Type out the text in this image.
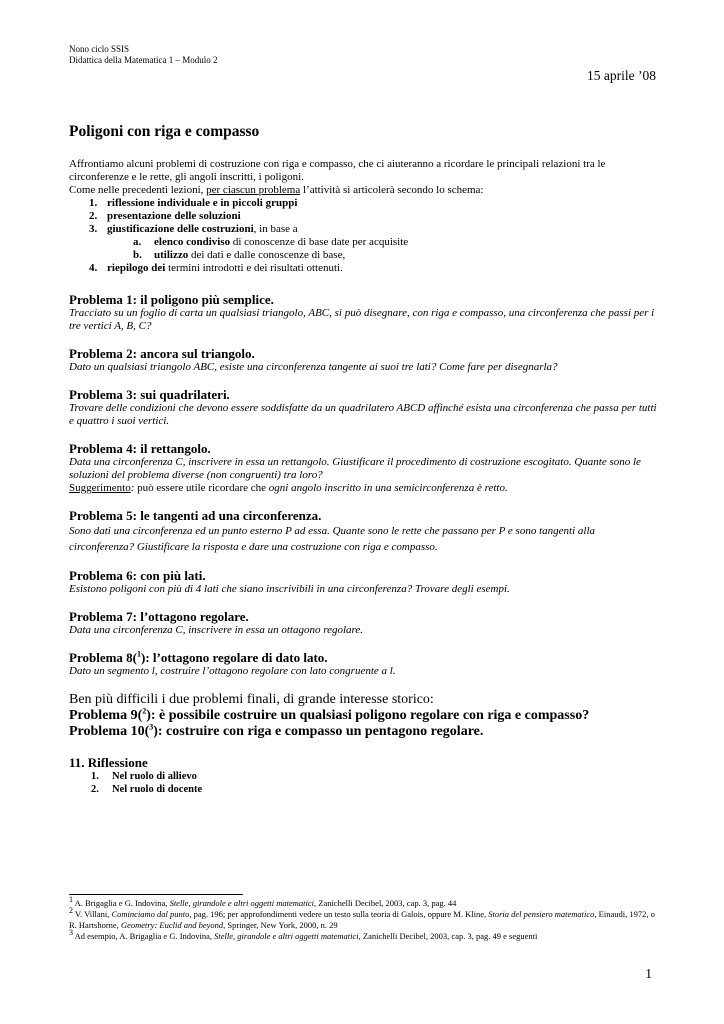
Nono ciclo SSIS
Didattica della Matematica 1 – Modulo 2
15 aprile ’08
Poligoni con riga e compasso

Affrontiamo alcuni problemi di costruzione con riga e compasso, che ci aiuteranno a ricordare le principali relazioni tra le circonferenze e le rette, gli angoli inscritti, i poligoni.

Come nelle precedenti lezioni, per ciascun problema l’attività si articolerà secondo lo schema:

1. riflessione individuale e in piccoli gruppi
2. presentazione delle soluzioni
3. giustificazione delle costruzioni, in base a
a. elenco condiviso di conoscenze di base date per acquisite
b. utilizzo dei dati e dalle conoscenze di base,
4. riepilogo dei termini introdotti e dei risultati ottenuti.
Problema 1: il poligono più semplice.

Tracciato su un foglio di carta un qualsiasi triangolo, ABC, si può disegnare, con riga e compasso, una circonferenza che passi per i tre vertici A, B, C?

Problema 2: ancora sul triangolo.

Dato un qualsiasi triangolo ABC, esiste una circonferenza tangente ai suoi tre lati? Come fare per disegnarla?

Problema 3: sui quadrilateri.

Trovare delle condizioni che devono essere soddisfatte da un quadrilatero ABCD affinché esista una circonferenza che passa per tutti e quattro i suoi vertici.

Problema 4: il rettangolo.

Data una circonferenza C, inscrivere in essa un rettangolo. Giustificare il procedimento di costruzione escogitato. Quante sono le soluzioni del problema diverse (non congruenti) tra loro?

Suggerimento: può essere utile ricordare che ogni angolo inscritto in una semicirconferenza è retto.

Problema 5: le tangenti ad una circonferenza.

Sono dati una circonferenza ed un punto esterno P ad essa. Quante sono le rette che passano per P e sono tangenti alla circonferenza? Giustificare la risposta e dare una costruzione con riga e compasso.

Problema 6: con più lati.

Esistono poligoni con più di 4 lati che siano inscrivibili in una circonferenza? Trovare degli esempi.

Problema 7: l’ottagono regolare.

Data una circonferenza C, inscrivere in essa un ottagono regolare.

Problema 8($^1$): l’ottagono regolare di dato lato.

Dato un segmento l, costruire l’ottagono regolare con lato congruente a l.

Ben più difficili i due problemi finali, di grande interesse storico:
Problema 9($^2$): è possibile costruire un qualsiasi poligono regolare con riga e compasso?
Problema 10($^3$): costruire con riga e compasso un pentagono regolare.
11. Riflessione
1. Nel ruolo di allievo
2. Nel ruolo di docente

$^1$ A. Brigaglia e G. Indovina, Stelle, girandole e altri oggetti matematici, Zanichelli Decibel, 2003, cap. 3, pag. 44

$^2$ V. Villani, Cominciamo dal punto, pag. 196; per approfondimenti vedere un testo sulla teoria di Galois, oppure M. Kline, Storia del pensiero matematico, Einaudi, 1972, o R. Hartshorne, Geometry: Euclid and beyond, Springer, New York, 2000, n. 29

$^3$ Ad esempio, A. Brigaglia e G. Indovina, Stelle, girandole e altri oggetti matematici, Zanichelli Decibel, 2003, cap. 3, pag. 49 e seguenti

1
